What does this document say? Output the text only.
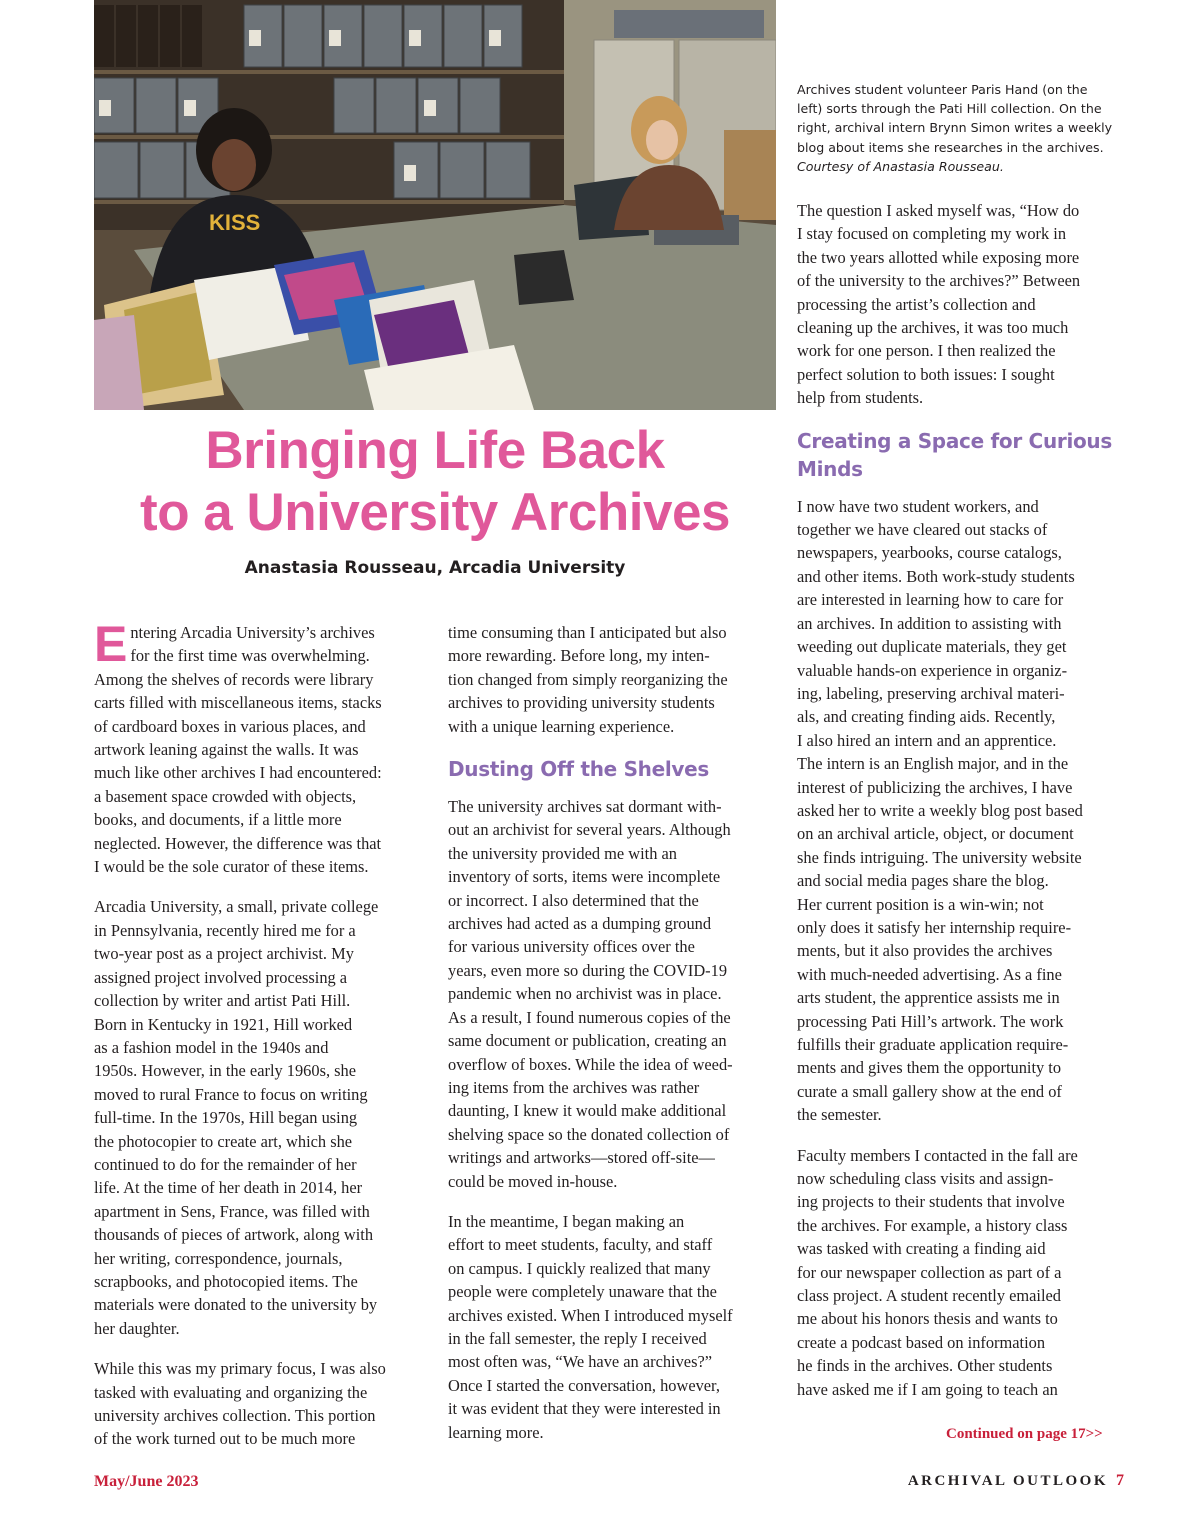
KISS
Bringing Life Back
to a University Archives
Anastasia Rousseau, Arcadia University
Archives student volunteer Paris Hand (on the
left) sorts through the Pati Hill collection. On the
right, archival intern Brynn Simon writes a weekly
blog about items she researches in the archives.
Courtesy of Anastasia Rousseau.

E ntering Arcadia University’s archives
for the first time was overwhelming.
Among the shelves of records were library
carts filled with miscellaneous items, stacks
of cardboard boxes in various places, and
artwork leaning against the walls. It was
much like other archives I had encountered:
a basement space crowded with objects,
books, and documents, if a little more
neglected. However, the difference was that
I would be the sole curator of these items.

Arcadia University, a small, private college
in Pennsylvania, recently hired me for a
two-year post as a project archivist. My
assigned project involved processing a
collection by writer and artist Pati Hill.
Born in Kentucky in 1921, Hill worked
as a fashion model in the 1940s and
1950s. However, in the early 1960s, she
moved to rural France to focus on writing
full-time. In the 1970s, Hill began using
the photocopier to create art, which she
continued to do for the remainder of her
life. At the time of her death in 2014, her
apartment in Sens, France, was filled with
thousands of pieces of artwork, along with
her writing, correspondence, journals,
scrapbooks, and photocopied items. The
materials were donated to the university by
her daughter.

While this was my primary focus, I was also
tasked with evaluating and organizing the
university archives collection. This portion
of the work turned out to be much more

time consuming than I anticipated but also
more rewarding. Before long, my inten-
tion changed from simply reorganizing the
archives to providing university students
with a unique learning experience.

Dusting Off the Shelves

The university archives sat dormant with-
out an archivist for several years. Although
the university provided me with an
inventory of sorts, items were incomplete
or incorrect. I also determined that the
archives had acted as a dumping ground
for various university offices over the
years, even more so during the COVID-19
pandemic when no archivist was in place.
As a result, I found numerous copies of the
same document or publication, creating an
overflow of boxes. While the idea of weed-
ing items from the archives was rather
daunting, I knew it would make additional
shelving space so the donated collection of
writings and artworks—stored off-site—
could be moved in-house.

In the meantime, I began making an
effort to meet students, faculty, and staff
on campus. I quickly realized that many
people were completely unaware that the
archives existed. When I introduced myself
in the fall semester, the reply I received
most often was, “We have an archives?”
Once I started the conversation, however,
it was evident that they were interested in
learning more.

The question I asked myself was, “How do
I stay focused on completing my work in
the two years allotted while exposing more
of the university to the archives?” Between
processing the artist’s collection and
cleaning up the archives, it was too much
work for one person. I then realized the
perfect solution to both issues: I sought
help from students.

Creating a Space for Curious
Minds

I now have two student workers, and
together we have cleared out stacks of
newspapers, yearbooks, course catalogs,
and other items. Both work-study students
are interested in learning how to care for
an archives. In addition to assisting with
weeding out duplicate materials, they get
valuable hands-on experience in organiz-
ing, labeling, preserving archival materi-
als, and creating finding aids. Recently,
I also hired an intern and an apprentice.
The intern is an English major, and in the
interest of publicizing the archives, I have
asked her to write a weekly blog post based
on an archival article, object, or document
she finds intriguing. The university website
and social media pages share the blog.
Her current position is a win-win; not
only does it satisfy her internship require-
ments, but it also provides the archives
with much-needed advertising. As a fine
arts student, the apprentice assists me in
processing Pati Hill’s artwork. The work
fulfills their graduate application require-
ments and gives them the opportunity to
curate a small gallery show at the end of
the semester.

Faculty members I contacted in the fall are
now scheduling class visits and assign-
ing projects to their students that involve
the archives. For example, a history class
was tasked with creating a finding aid
for our newspaper collection as part of a
class project. A student recently emailed
me about his honors thesis and wants to
create a podcast based on information
he finds in the archives. Other students
have asked me if I am going to teach an

Continued on page 17>>
May/June 2023	ARCHIVAL OUTLOOK 7
